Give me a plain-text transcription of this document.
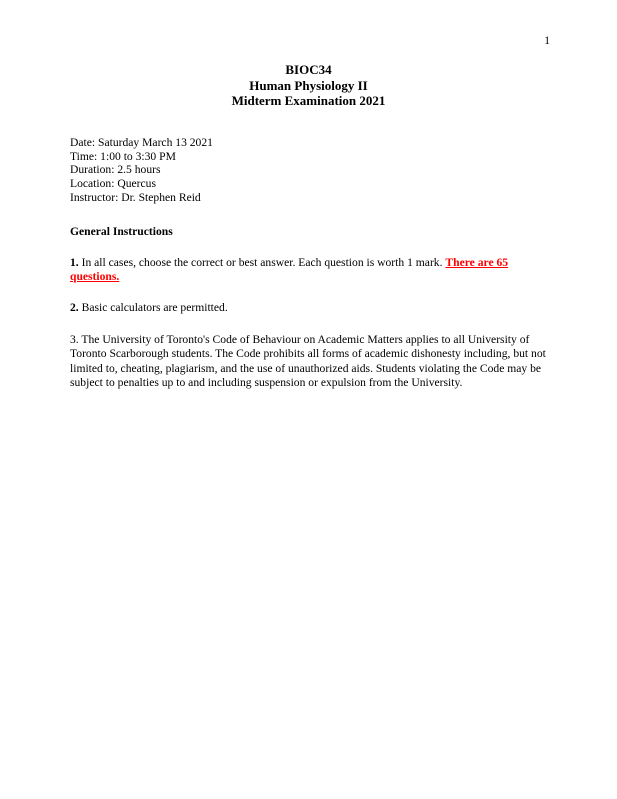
1
BIOC34
Human Physiology II
Midterm Examination 2021
Date: Saturday March 13 2021
Time: 1:00 to 3:30 PM
Duration: 2.5 hours
Location: Quercus
Instructor: Dr. Stephen Reid
General Instructions

1. In all cases, choose the correct or best answer. Each question is worth 1 mark. There are 65 questions.

2. Basic calculators are permitted.

3. The University of Toronto's Code of Behaviour on Academic Matters applies to all University of Toronto Scarborough students. The Code prohibits all forms of academic dishonesty including, but not limited to, cheating, plagiarism, and the use of unauthorized aids. Students violating the Code may be subject to penalties up to and including suspension or expulsion from the University.
